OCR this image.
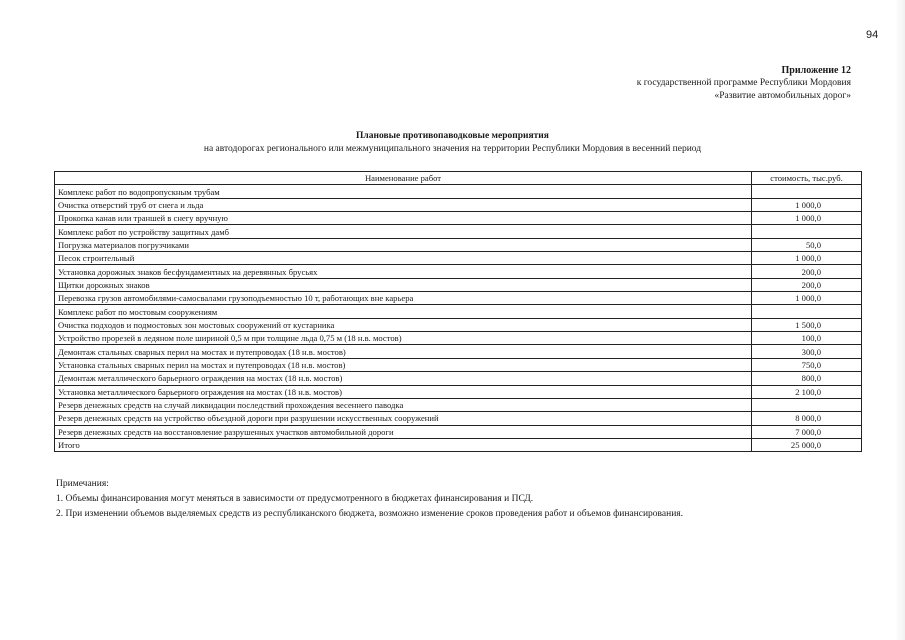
94
Приложение 12
к государственной программе Республики Мордовия
«Развитие автомобильных дорог»
Плановые противопаводковые мероприятия
на автодорогах регионального или межмуниципального значения на территории Республики Мордовия в весенний период
Наименование работ	стоимость, тыс.руб.
Комплекс работ по водопропускным трубам	
Очистка отверстий труб от снега и льда	1 000,0
Прокопка канав или траншей в снегу вручную	1 000,0
Комплекс работ по устройству защитных дамб	
Погрузка материалов погрузчиками	50,0
Песок строительный	1 000,0
Установка дорожных знаков бесфундаментных на деревянных брусьях	200,0
Щитки дорожных знаков	200,0
Перевозка грузов автомобилями-самосвалами грузоподъемностью 10 т, работающих вне карьера	1 000,0
Комплекс работ по мостовым сооружениям	
Очистка подходов и подмостовых зон мостовых сооружений от кустарника	1 500,0
Устройство прорезей в ледяном поле шириной 0,5 м при толщине льда 0,75 м (18 н.в. мостов)	100,0
Демонтаж стальных сварных перил на мостах и путепроводах (18 н.в. мостов)	300,0
Установка стальных сварных перил на мостах и путепроводах (18 н.в. мостов)	750,0
Демонтаж металлического барьерного ограждения на мостах (18 н.в. мостов)	800,0
Установка металлического барьерного ограждения на мостах (18 н.в. мостов)	2 100,0
Резерв денежных средств на случай ликвидации последствий прохождения весеннего паводка	
Резерв денежных средств на устройство объездной дороги при разрушении искусственных сооружений	8 000,0
Резерв денежных средств на восстановление разрушенных участков автомобильной дороги	7 000,0
Итого	25 000,0
Примечания:
1. Объемы финансирования могут меняться в зависимости от предусмотренного в бюджетах финансирования и ПСД.
2. При изменении объемов выделяемых средств из республиканского бюджета, возможно изменение сроков проведения работ и объемов финансирования.
